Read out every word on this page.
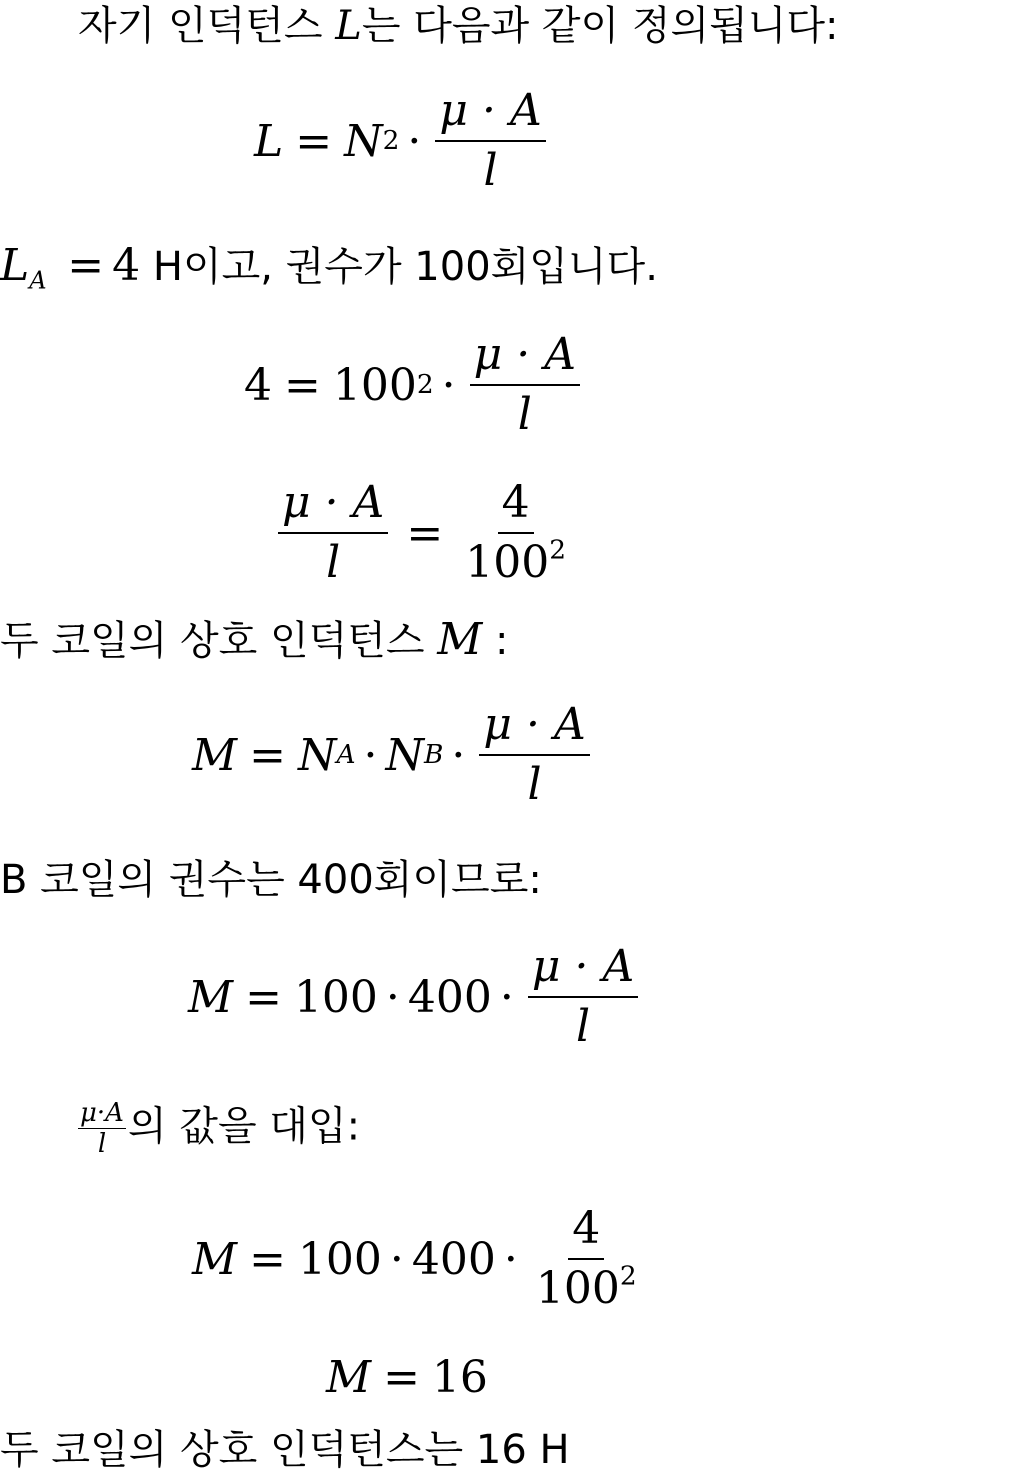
자기 인덕턴스 L는 다음과 같이 정의됩니다:
L = N $2 \cdot \frac{\mu \cdot A}{l}$
$L_A = 4$ H이고, 권수가 100회입니다.
4 = 100 $2 \cdot \frac{\mu \cdot A}{l}$
$\frac{\mu \cdot A}{l} = \frac{4}{100^2}$
두 코일의 상호 인덕턴스 M :
M = N A · N $B \cdot \frac{\mu \cdot A}{l}$
B 코일의 권수는 400회이므로:
$M = 100 \cdot 400 \cdot \frac{\mu \cdot A}{l}$
$\frac{\mu\cdot A}{l}$ 의 값을 대입:
$M = 100 \cdot 400 \cdot \frac{4}{100^2}$
M = 16
두 코일의 상호 인덕턴스는 16 H
